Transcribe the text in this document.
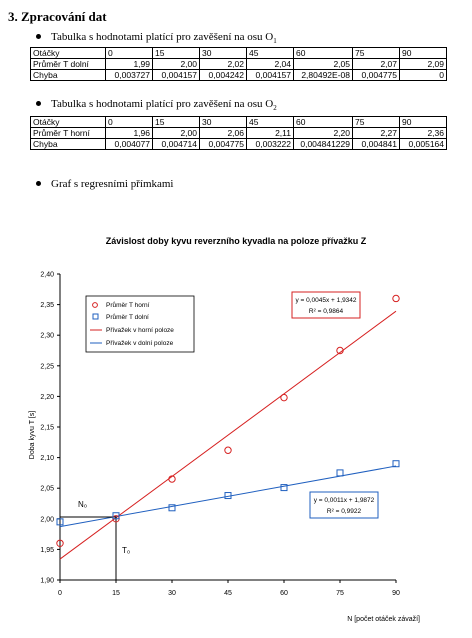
3. Zpracování dat
Tabulka s hodnotami platící pro zavěšení na osu $O_1$
Otáčky	0	15	30	45	60	75	90
Průměr T dolní	1,99	2,00	2,02	2,04	2,05	2,07	2,09
Chyba	0,003727	0,004157	0,004242	0,004157	2,80492E-08	0,004775	0
Tabulka s hodnotami platící pro zavěšení na osu $O_2$
Otáčky	0	15	30	45	60	75	90
Průměr T horní	1,96	2,00	2,06	2,11	2,20	2,27	2,36
Chyba	0,004077	0,004714	0,004775	0,003222	0,004841229	0,004841	0,005164
Graf s regresními přímkami
Závislost doby kyvu reverzního kyvadla na poloze přívažku Z
Doba kyvu T [s]
N [počet otáček závaží]
1,90
1,95
2,00
2,05
2,10
2,15
2,20
2,25
2,30
2,35
2,40
0	15	30	45	60	75	90
N₀
T₀
Průměr T horní
Průměr T dolní
Přívažek v horní poloze
Přívažek v dolní poloze
y = 0,0045x + 1,9342
R² = 0,9864
y = 0,0011x + 1,9872
R² = 0,9922
